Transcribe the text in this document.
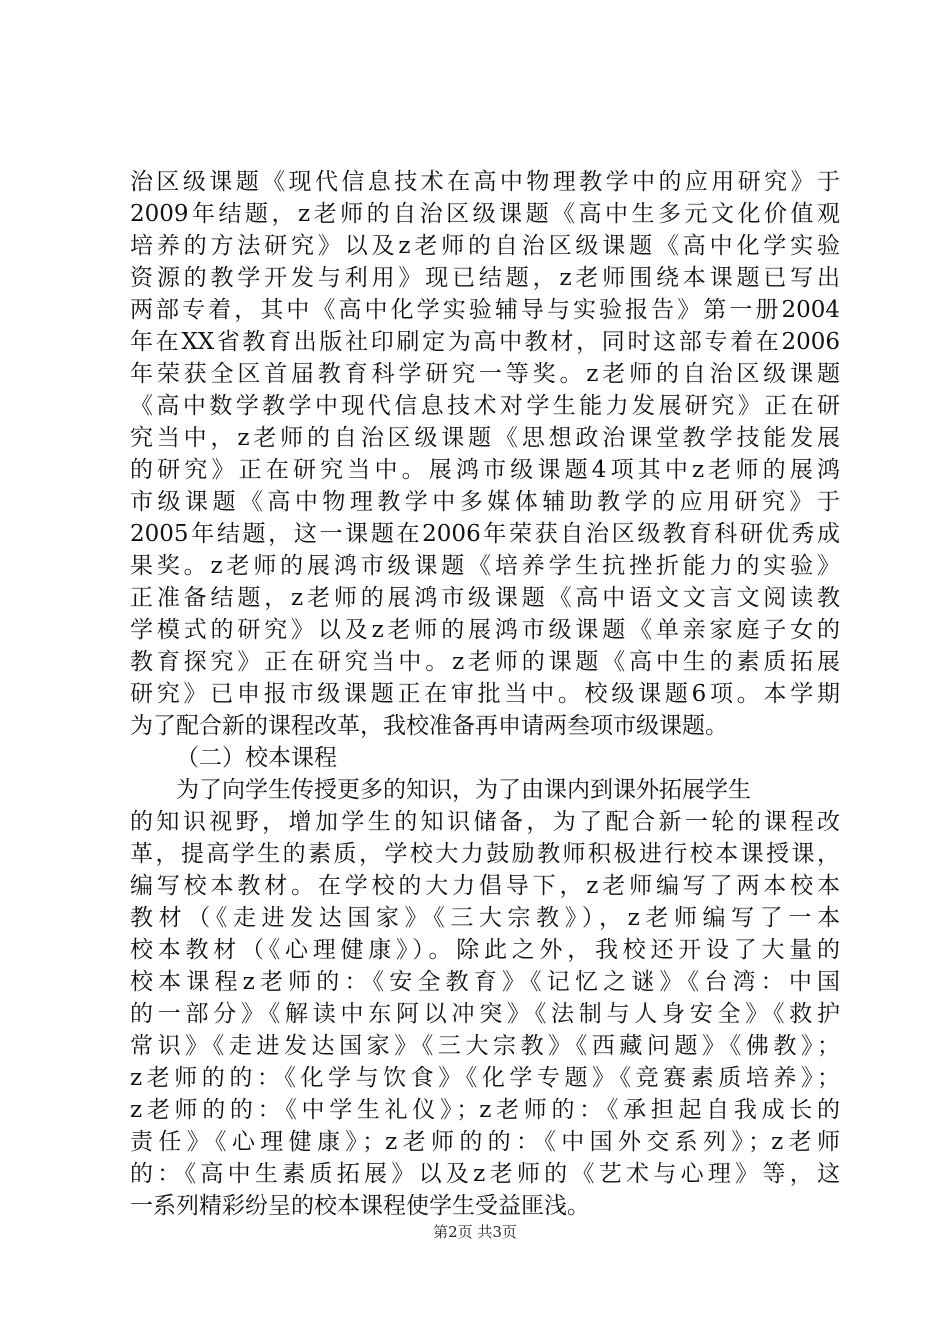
治区级课题《现代信息技术在高中物理教学中的应用研究》于
2009年结题，z老师的自治区级课题《高中生多元文化价值观
培养的方法研究》以及z老师的自治区级课题《高中化学实验
资源的教学开发与利用》现已结题，z老师围绕本课题已写出
两部专着，其中《高中化学实验辅导与实验报告》第一册2004
年在XX省教育出版社印刷定为高中教材，同时这部专着在2006
年荣获全区首届教育科学研究一等奖。z老师的自治区级课题
《高中数学教学中现代信息技术对学生能力发展研究》正在研
究当中，z老师的自治区级课题《思想政治课堂教学技能发展
的研究》正在研究当中。展鸿市级课题4项其中z老师的展鸿
市级课题《高中物理教学中多媒体辅助教学的应用研究》于
2005年结题，这一课题在2006年荣获自治区级教育科研优秀成
果奖。z老师的展鸿市级课题《培养学生抗挫折能力的实验》
正准备结题，z老师的展鸿市级课题《高中语文文言文阅读教
学模式的研究》以及z老师的展鸿市级课题《单亲家庭子女的
教育探究》正在研究当中。z老师的课题《高中生的素质拓展
研究》已申报市级课题正在审批当中。校级课题6项。本学期
为了配合新的课程改革，我校准备再申请两叁项市级课题。
（二）校本课程
为了向学生传授更多的知识，为了由课内到课外拓展学生
的知识视野，增加学生的知识储备，为了配合新一轮的课程改
革，提高学生的素质，学校大力鼓励教师积极进行校本课授课，
编写校本教材。在学校的大力倡导下，z老师编写了两本校本
教材（《走进发达国家》《三大宗教》），z老师编写了一本
校本教材（《心理健康》）。除此之外，我校还开设了大量的
校本课程z老师的：《安全教育》《记忆之谜》《台湾：中国
的一部分》《解读中东阿以冲突》《法制与人身安全》《救护
常识》《走进发达国家》《三大宗教》《西藏问题》《佛教》；
z老师的的：《化学与饮食》《化学专题》《竞赛素质培养》；
z老师的的：《中学生礼仪》；z老师的：《承担起自我成长的
责任》《心理健康》；z老师的的：《中国外交系列》；z老师
的：《高中生素质拓展》以及z老师的《艺术与心理》等，这
一系列精彩纷呈的校本课程使学生受益匪浅。
第2页 共3页
